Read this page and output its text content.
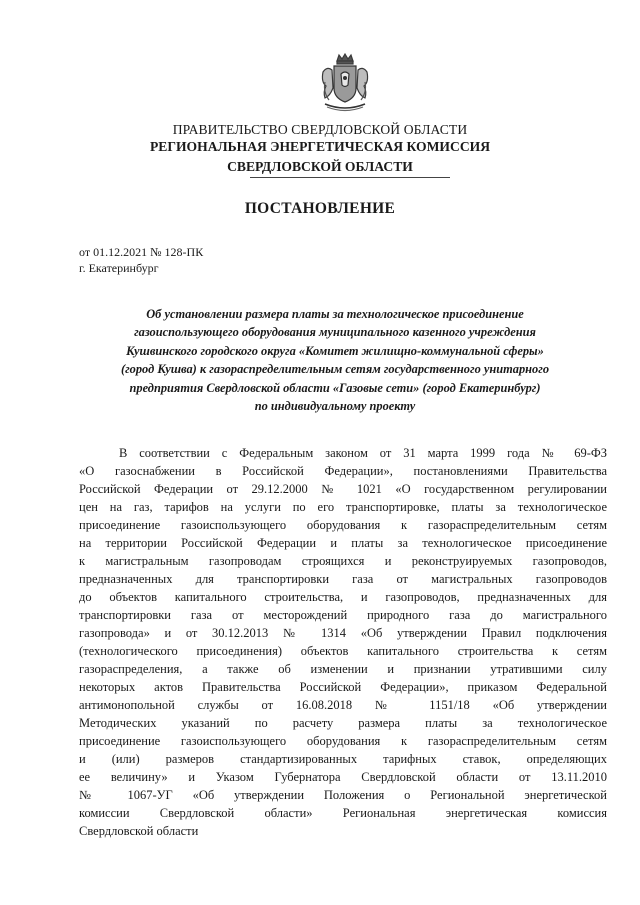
ПРАВИТЕЛЬСТВО СВЕРДЛОВСКОЙ ОБЛАСТИ
РЕГИОНАЛЬНАЯ ЭНЕРГЕТИЧЕСКАЯ КОМИССИЯ
СВЕРДЛОВСКОЙ ОБЛАСТИ
ПОСТАНОВЛЕНИЕ
от 01.12.2021 № 128-ПК
г. Екатеринбург
Об установлении размера платы за технологическое присоединение
газоиспользующего оборудования муниципального казенного учреждения
Кушвинского городского округа «Комитет жилищно-коммунальной сферы»
(город Кушва) к газораспределительным сетям государственного унитарного
предприятия Свердловской области «Газовые сети» (город Екатеринбург)
по индивидуальному проекту
В соответствии с Федеральным законом от 31 марта 1999 года № 69-ФЗ
«О газоснабжении в Российской Федерации», постановлениями Правительства
Российской Федерации от 29.12.2000 № 1021 «О государственном регулировании
цен на газ, тарифов на услуги по его транспортировке, платы за технологическое
присоединение газоиспользующего оборудования к газораспределительным сетям
на территории Российской Федерации и платы за технологическое присоединение
к магистральным газопроводам строящихся и реконструируемых газопроводов,
предназначенных для транспортировки газа от магистральных газопроводов
до объектов капитального строительства, и газопроводов, предназначенных для
транспортировки газа от месторождений природного газа до магистрального
газопровода» и от 30.12.2013 № 1314 «Об утверждении Правил подключения
(технологического присоединения) объектов капитального строительства к сетям
газораспределения, а также об изменении и признании утратившими силу
некоторых актов Правительства Российской Федерации», приказом Федеральной
антимонопольной службы от 16.08.2018 № 1151/18 «Об утверждении
Методических указаний по расчету размера платы за технологическое
присоединение газоиспользующего оборудования к газораспределительным сетям
и (или) размеров стандартизированных тарифных ставок, определяющих
ее величину» и Указом Губернатора Свердловской области от 13.11.2010
№ 1067-УГ «Об утверждении Положения о Региональной энергетической
комиссии Свердловской области» Региональная энергетическая комиссия
Свердловской области
